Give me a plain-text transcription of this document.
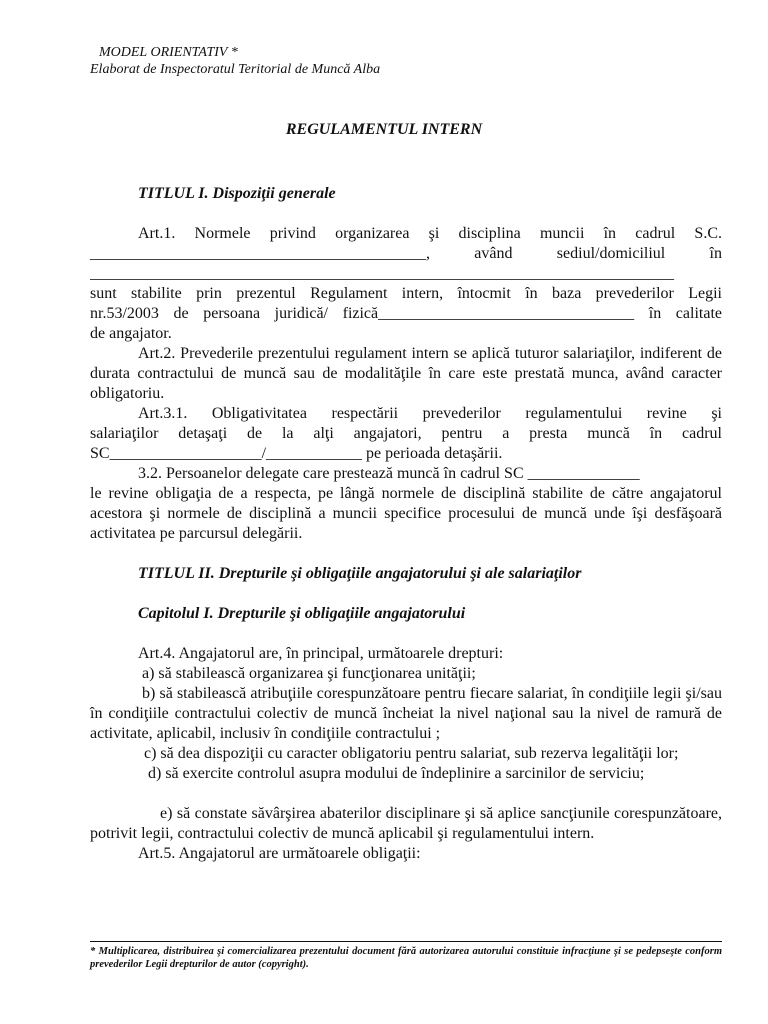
MODEL ORIENTATIV *
Elaborat de Inspectoratul Teritorial de Muncă Alba
REGULAMENTUL INTERN
TITLUL I. Dispoziţii generale

Art.1. Normele privind organizarea şi disciplina muncii în cadrul S.C.

__________________________________________, având sediul/domiciliul în

_________________________________________________________________________

sunt stabilite prin prezentul Regulament intern, întocmit în baza prevederilor Legii

nr.53/2003 de persoana juridică/ fizică________________________________ în calitate

de angajator.

Art.2. Prevederile prezentului regulament intern se aplică tuturor salariaţilor, indiferent de durata contractului de muncă sau de modalităţile în care este prestată munca, având caracter obligatoriu.

Art.3.1. Obligativitatea respectării prevederilor regulamentului revine şi

salariaţilor detaşaţi de la alţi angajatori, pentru a presta muncă în cadrul

SC___________________/____________ pe perioada detaşării.

3.2. Persoanelor delegate care prestează muncă în cadrul SC ______________

le revine obligaţia de a respecta, pe lângă normele de disciplină stabilite de către angajatorul acestora şi normele de disciplină a muncii specifice procesului de muncă unde îşi desfăşoară activitatea pe parcursul delegării.

TITLUL II. Drepturile şi obligaţiile angajatorului şi ale salariaţilor
Capitolul I. Drepturile şi obligaţiile angajatorului

Art.4. Angajatorul are, în principal, următoarele drepturi:

a) să stabilească organizarea şi funcţionarea unităţii;

b) să stabilească atribuţiile corespunzătoare pentru fiecare salariat, în condiţiile legii şi/sau în condiţiile contractului colectiv de muncă încheiat la nivel naţional sau la nivel de ramură de activitate, aplicabil, inclusiv în condiţiile contractului ;

c) să dea dispoziţii cu caracter obligatoriu pentru salariat, sub rezerva legalităţii lor;

d) să exercite controlul asupra modului de îndeplinire a sarcinilor de serviciu;

e) să constate săvârşirea abaterilor disciplinare şi să aplice sancţiunile corespunzătoare, potrivit legii, contractului colectiv de muncă aplicabil şi regulamentului intern.

Art.5. Angajatorul are următoarele obligaţii:

* Multiplicarea, distribuirea şi comercializarea prezentului document fără autorizarea autorului constituie infracţiune şi se pedepseşte conform prevederilor Legii drepturilor de autor (copyright).
